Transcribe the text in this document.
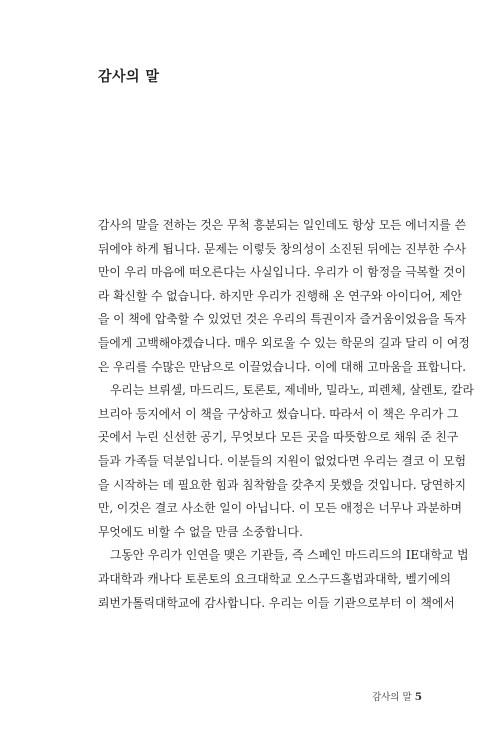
감사의 말

감사의 말을 전하는 것은 무척 흥분되는 일인데도 항상 모든 에너지를 쓴
뒤에야 하게 됩니다. 문제는 이렇듯 창의성이 소진된 뒤에는 진부한 수사
만이 우리 마음에 떠오른다는 사실입니다. 우리가 이 함정을 극복할 것이
라 확신할 수 없습니다. 하지만 우리가 진행해 온 연구와 아이디어, 제안
을 이 책에 압축할 수 있었던 것은 우리의 특권이자 즐거움이었음을 독자
들에게 고백해야겠습니다. 매우 외로울 수 있는 학문의 길과 달리 이 여정
은 우리를 수많은 만남으로 이끌었습니다. 이에 대해 고마움을 표합니다.

우리는 브뤼셀, 마드리드, 토론토, 제네바, 밀라노, 피렌체, 살렌토, 칼라
브리아 등지에서 이 책을 구상하고 썼습니다. 따라서 이 책은 우리가 그
곳에서 누린 신선한 공기, 무엇보다 모든 곳을 따뜻함으로 채워 준 친구
들과 가족들 덕분입니다. 이분들의 지원이 없었다면 우리는 결코 이 모험
을 시작하는 데 필요한 힘과 침착함을 갖추지 못했을 것입니다. 당연하지
만, 이것은 결코 사소한 일이 아닙니다. 이 모든 애정은 너무나 과분하며
무엇에도 비할 수 없을 만큼 소중합니다.

그동안 우리가 인연을 맺은 기관들, 즉 스페인 마드리드의 IE대학교 법
과대학과 캐나다 토론토의 요크대학교 오스구드홀법과대학, 벨기에의
뢰번가톨릭대학교에 감사합니다. 우리는 이들 기관으로부터 이 책에서

감사의 말 5
